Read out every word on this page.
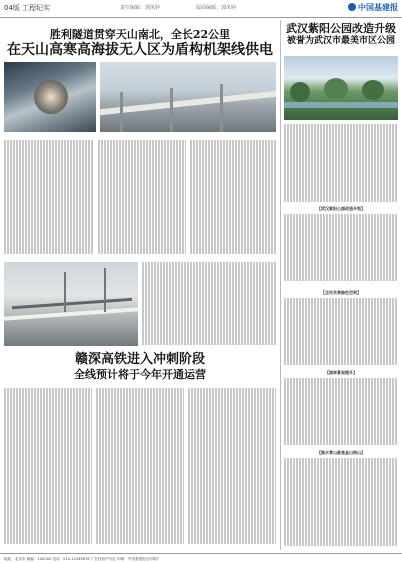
04版 工程纪实	责任编辑：郭凤婷	版面编辑：郭凤婷	中国基建报
胜利隧道贯穿天山南北，全长22公里
在天山高寒高海拔无人区为盾构机架线供电
赣深高铁进入冲刺阶段
全线预计将于今年开通运营
武汉紫阳公园改造升级
被誉为武汉市最美市区公园
【武汉紫阳公园改造升级】
【全民共享绿色空间】
【园林景观提升】
【绿水青山就是金山银山】
地址：北京市 邮编：100000 电话：010-12345678 广告经营许可证 印刷：中国基建报社印刷厂
